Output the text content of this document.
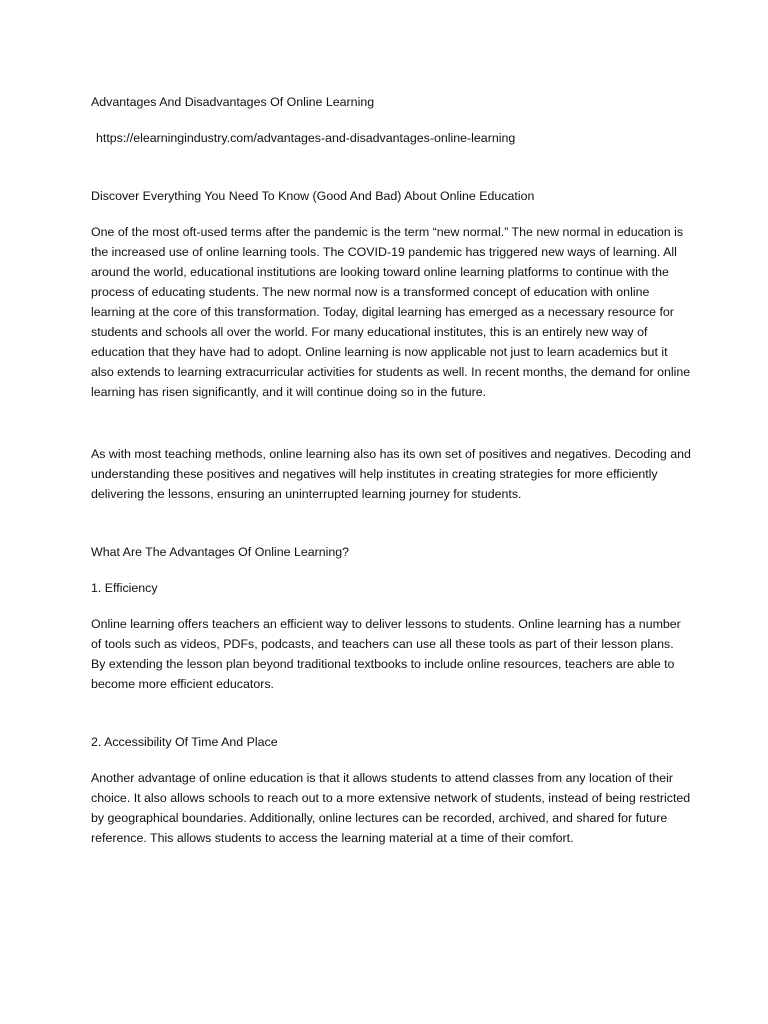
Advantages And Disadvantages Of Online Learning

https://elearningindustry.com/advantages-and-disadvantages-online-learning

Discover Everything You Need To Know (Good And Bad) About Online Education

One of the most oft-used terms after the pandemic is the term “new normal.” The new normal in education is the increased use of online learning tools. The COVID-19 pandemic has triggered new ways of learning. All around the world, educational institutions are looking toward online learning platforms to continue with the process of educating students. The new normal now is a transformed concept of education with online learning at the core of this transformation. Today, digital learning has emerged as a necessary resource for students and schools all over the world. For many educational institutes, this is an entirely new way of education that they have had to adopt. Online learning is now applicable not just to learn academics but it also extends to learning extracurricular activities for students as well. In recent months, the demand for online learning has risen significantly, and it will continue doing so in the future.

As with most teaching methods, online learning also has its own set of positives and negatives. Decoding and understanding these positives and negatives will help institutes in creating strategies for more efficiently delivering the lessons, ensuring an uninterrupted learning journey for students.

What Are The Advantages Of Online Learning?

1. Efficiency

Online learning offers teachers an efficient way to deliver lessons to students. Online learning has a number of tools such as videos, PDFs, podcasts, and teachers can use all these tools as part of their lesson plans. By extending the lesson plan beyond traditional textbooks to include online resources, teachers are able to become more efficient educators.

2. Accessibility Of Time And Place

Another advantage of online education is that it allows students to attend classes from any location of their choice. It also allows schools to reach out to a more extensive network of students, instead of being restricted by geographical boundaries. Additionally, online lectures can be recorded, archived, and shared for future reference. This allows students to access the learning material at a time of their comfort.
